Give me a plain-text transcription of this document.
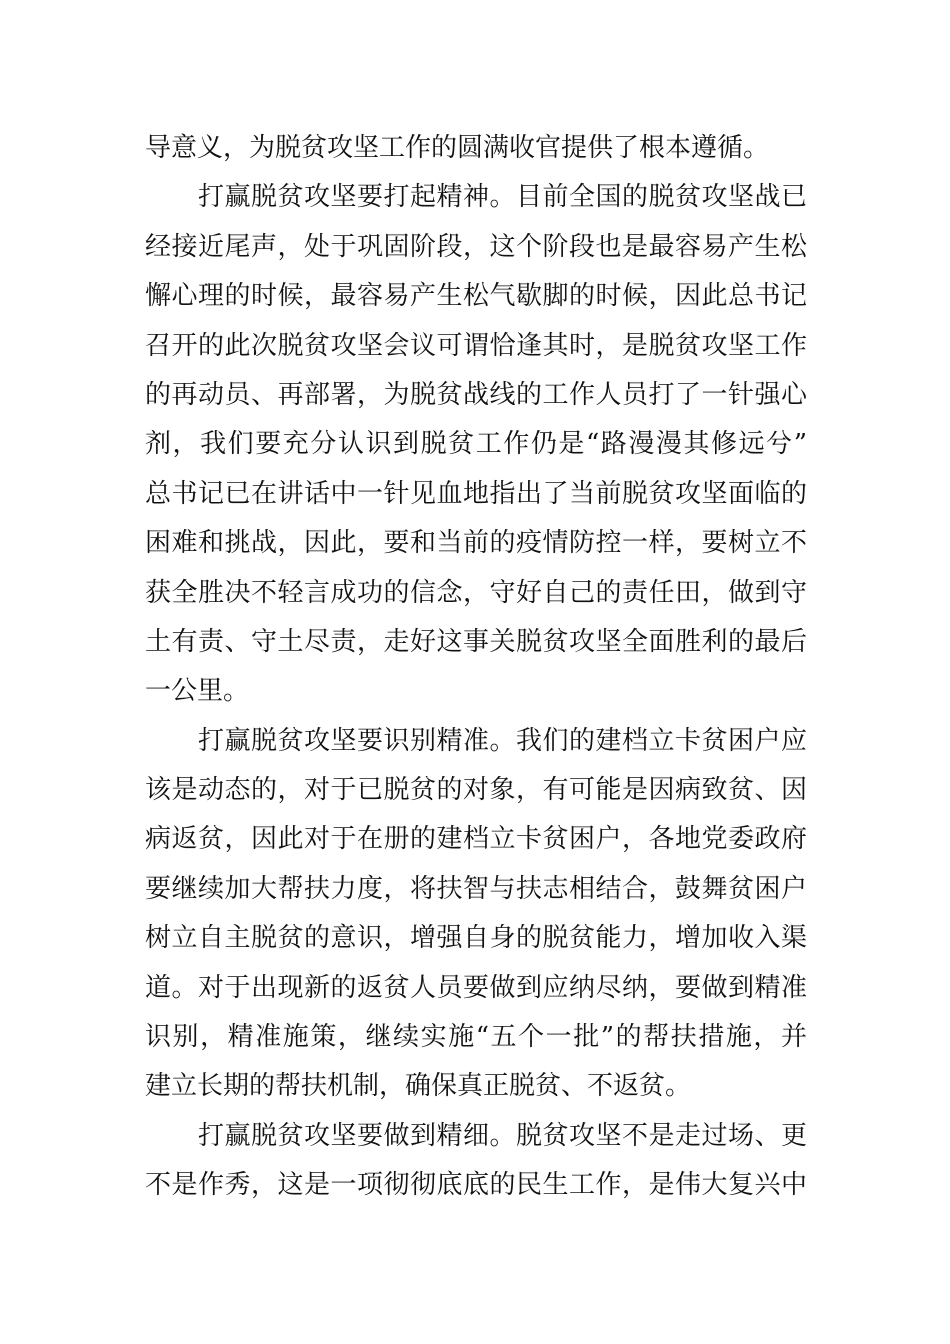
导意义，为脱贫攻坚工作的圆满收官提供了根本遵循。
打赢脱贫攻坚要打起精神。目前全国的脱贫攻坚战已
经接近尾声，处于巩固阶段，这个阶段也是最容易产生松
懈心理的时候，最容易产生松气歇脚的时候，因此总书记
召开的此次脱贫攻坚会议可谓恰逢其时，是脱贫攻坚工作
的再动员、再部署，为脱贫战线的工作人员打了一针强心
剂，我们要充分认识到脱贫工作仍是“路漫漫其修远兮”
总书记已在讲话中一针见血地指出了当前脱贫攻坚面临的
困难和挑战，因此，要和当前的疫情防控一样，要树立不
获全胜决不轻言成功的信念，守好自己的责任田，做到守
土有责、守土尽责，走好这事关脱贫攻坚全面胜利的最后
一公里。
打赢脱贫攻坚要识别精准。我们的建档立卡贫困户应
该是动态的，对于已脱贫的对象，有可能是因病致贫、因
病返贫，因此对于在册的建档立卡贫困户，各地党委政府
要继续加大帮扶力度，将扶智与扶志相结合，鼓舞贫困户
树立自主脱贫的意识，增强自身的脱贫能力，增加收入渠
道。对于出现新的返贫人员要做到应纳尽纳，要做到精准
识别，精准施策，继续实施“五个一批”的帮扶措施，并
建立长期的帮扶机制，确保真正脱贫、不返贫。
打赢脱贫攻坚要做到精细。脱贫攻坚不是走过场、更
不是作秀，这是一项彻彻底底的民生工作，是伟大复兴中
